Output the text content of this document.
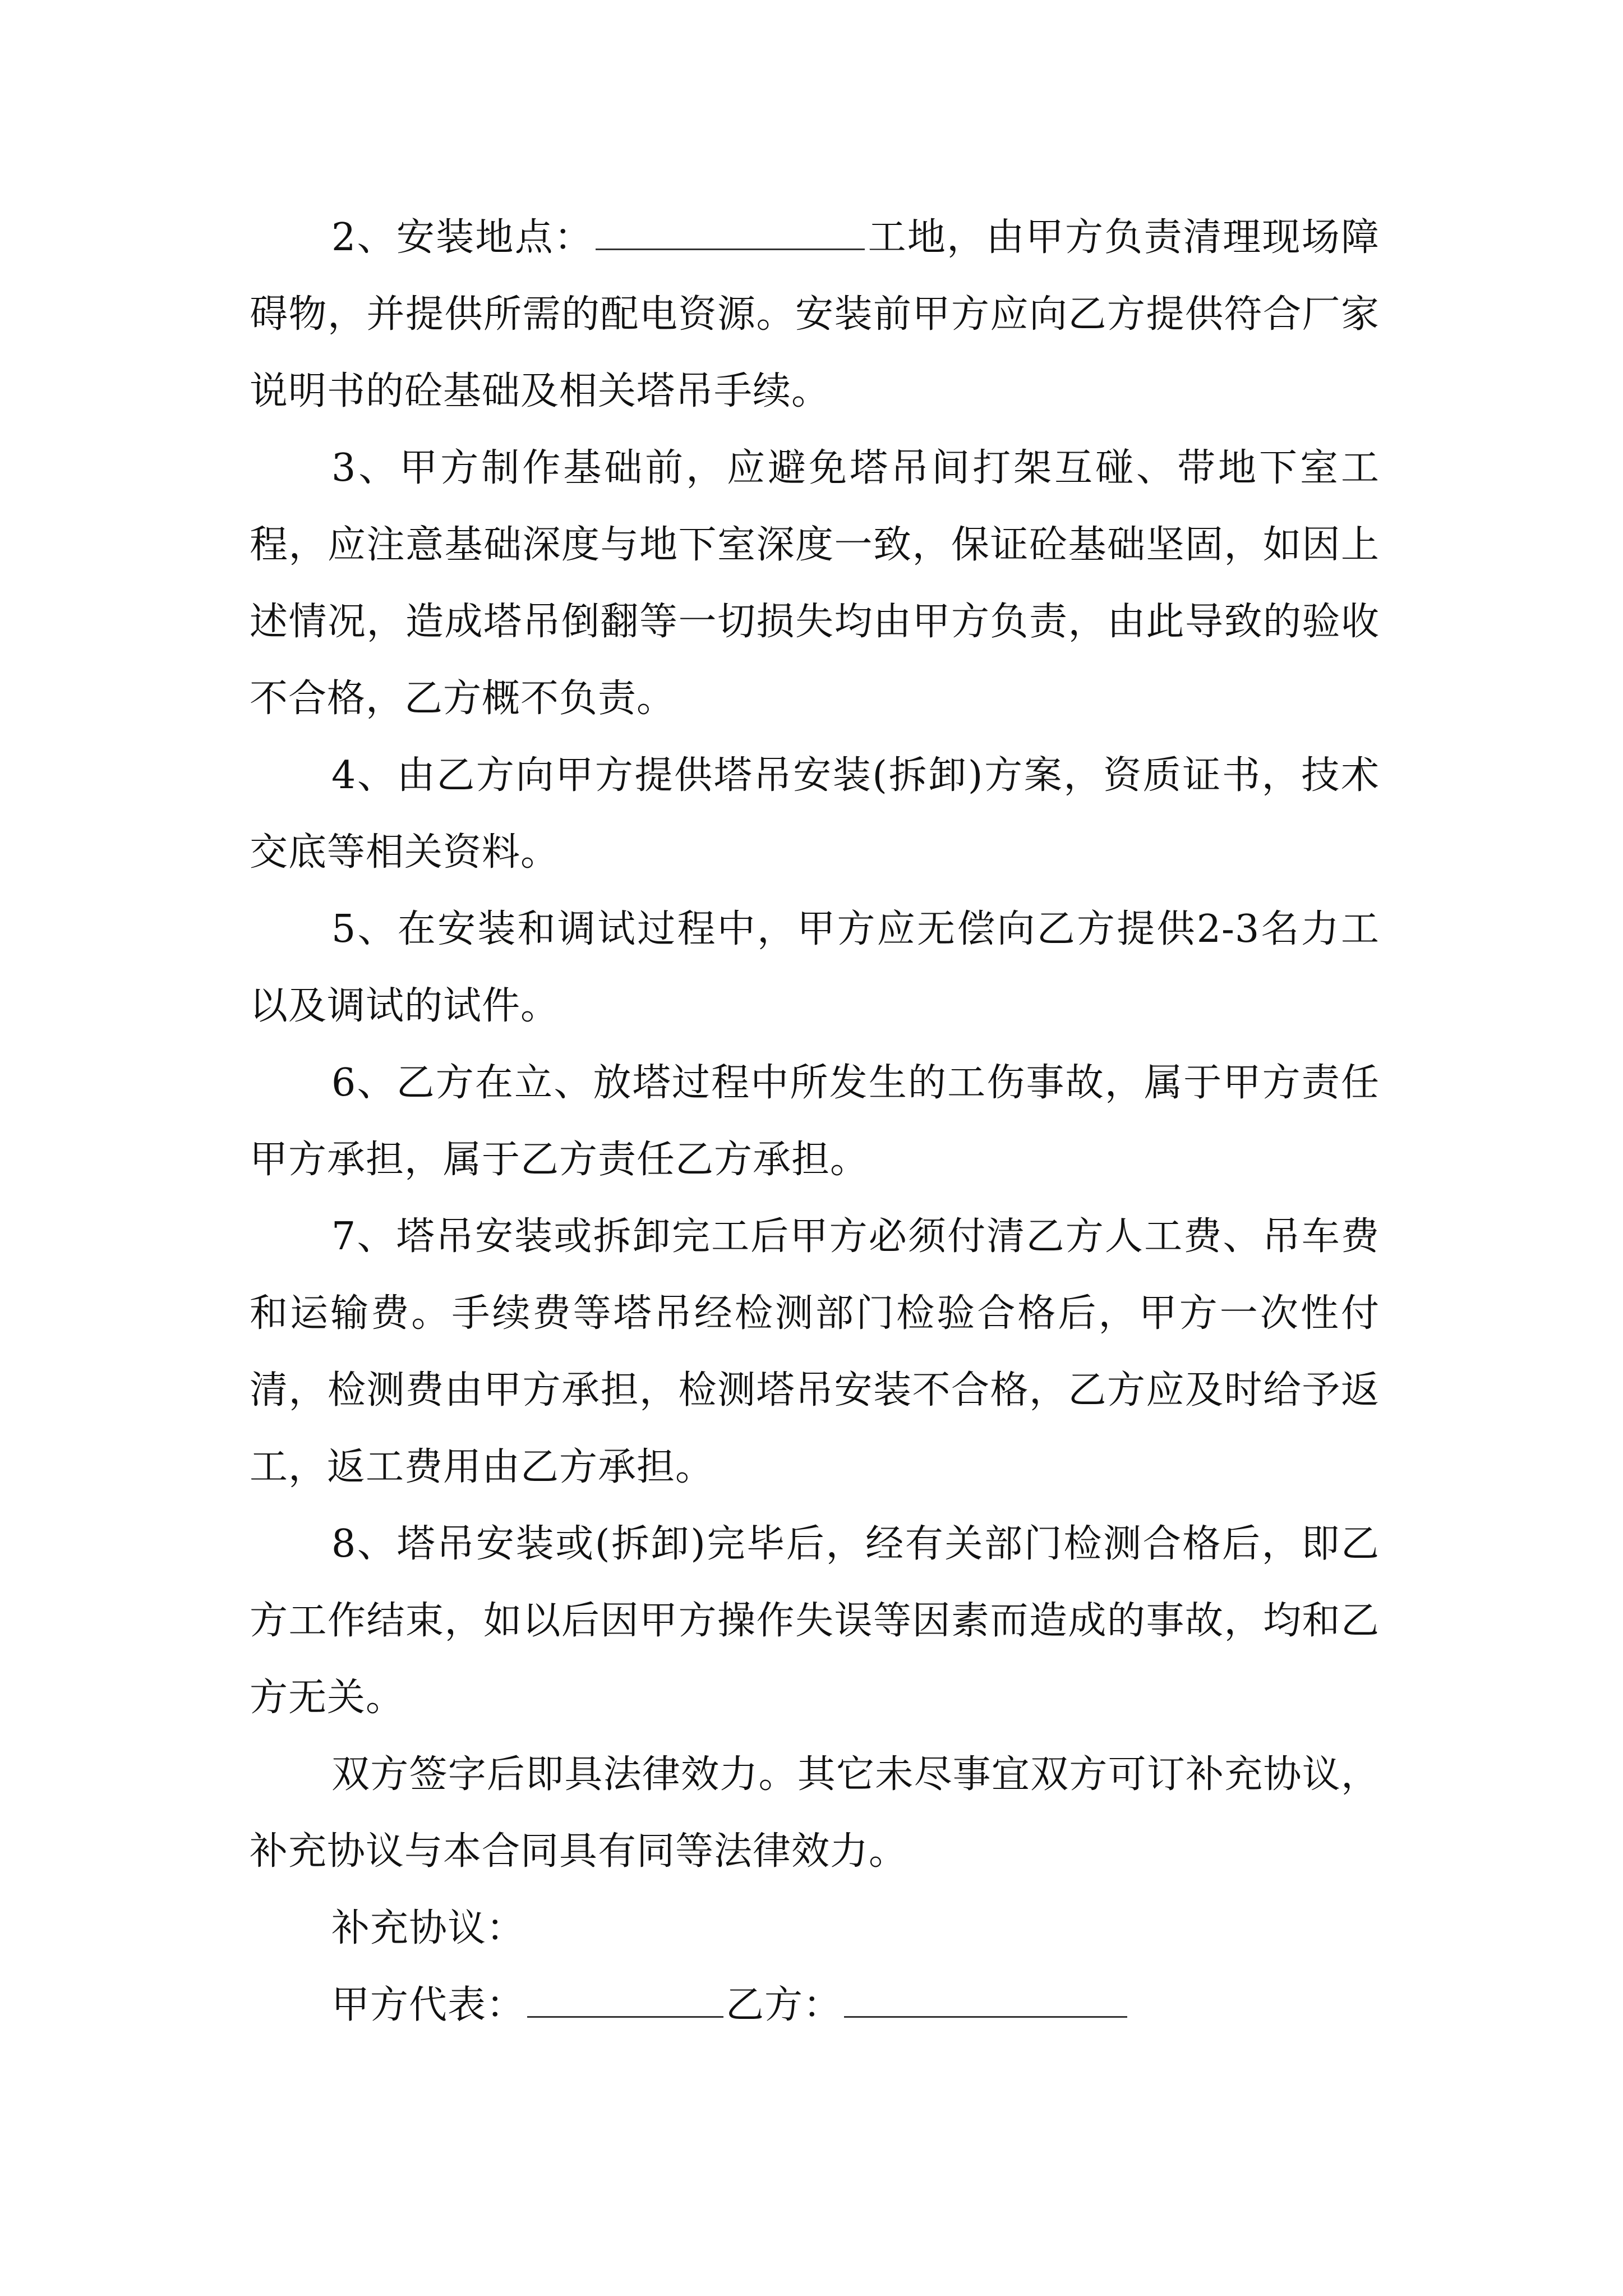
2、安装地点：	工地，由甲方负责清理现场障碍物，并提供所需的配电资源。安装前甲方应向乙方提供符合厂家说明书的砼基础及相关塔吊手续。

3、甲方制作基础前，应避免塔吊间打架互碰、带地下室工程，应注意基础深度与地下室深度一致，保证砼基础坚固，如因上述情况，造成塔吊倒翻等一切损失均由甲方负责，由此导致的验收不合格，乙方概不负责。

4、由乙方向甲方提供塔吊安装(拆卸)方案，资质证书，技术交底等相关资料。

5、在安装和调试过程中，甲方应无偿向乙方提供2-3名力工以及调试的试件。

6、乙方在立、放塔过程中所发生的工伤事故，属于甲方责任甲方承担，属于乙方责任乙方承担。

7、塔吊安装或拆卸完工后甲方必须付清乙方人工费、吊车费和运输费。手续费等塔吊经检测部门检验合格后，甲方一次性付清，检测费由甲方承担，检测塔吊安装不合格，乙方应及时给予返工，返工费用由乙方承担。

8、塔吊安装或(拆卸)完毕后，经有关部门检测合格后，即乙方工作结束，如以后因甲方操作失误等因素而造成的事故，均和乙方无关。

双方签字后即具法律效力。其它未尽事宜双方可订补充协议，补充协议与本合同具有同等法律效力。

补充协议：

甲方代表：	乙方：
